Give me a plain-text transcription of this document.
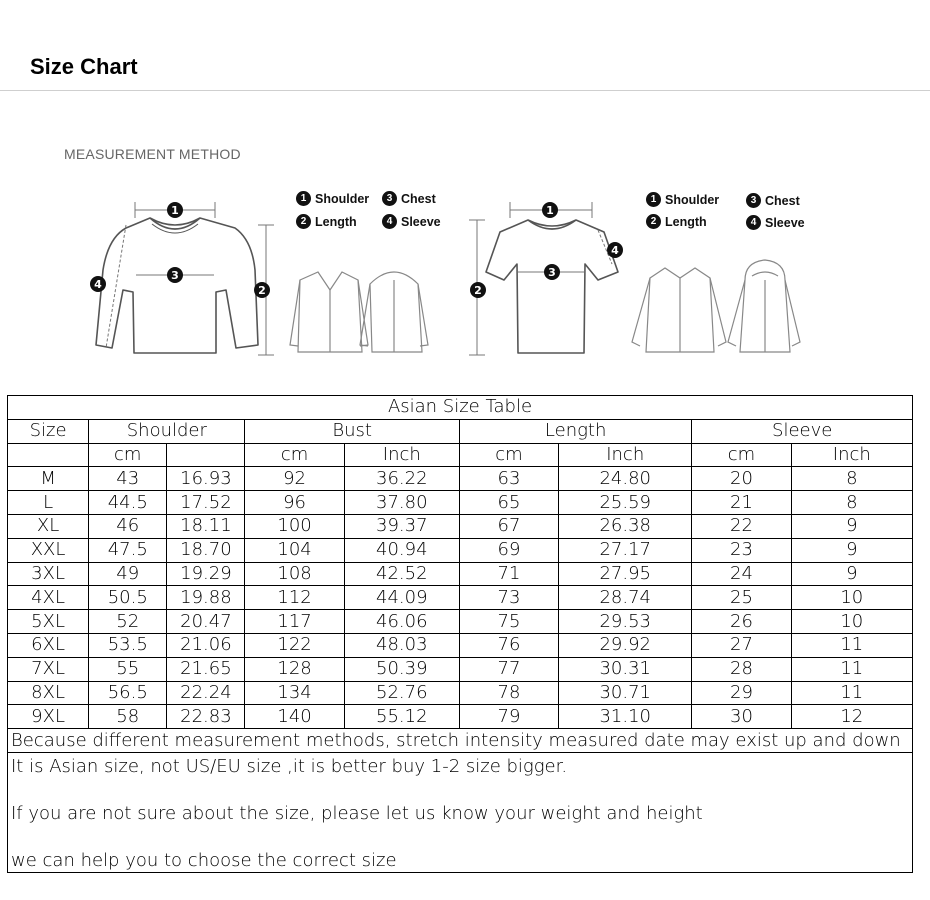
Size Chart
MEASUREMENT METHOD
1
3
2
4
1
3
2
4
1 Shoulder	3 Chest
2 Length	4 Sleeve
1 Shoulder	3 Chest
2 Length	4 Sleeve
Asian Size Table								
Size	Shoulder		Bust		Length		Sleeve	
	cm		cm	Inch	cm	Inch	cm	Inch
M	43	16.93	92	36.22	63	24.80	20	8
L	44.5	17.52	96	37.80	65	25.59	21	8
XL	46	18.11	100	39.37	67	26.38	22	9
XXL	47.5	18.70	104	40.94	69	27.17	23	9
3XL	49	19.29	108	42.52	71	27.95	24	9
4XL	50.5	19.88	112	44.09	73	28.74	25	10
5XL	52	20.47	117	46.06	75	29.53	26	10
6XL	53.5	21.06	122	48.03	76	29.92	27	11
7XL	55	21.65	128	50.39	77	30.31	28	11
8XL	56.5	22.24	134	52.76	78	30.71	29	11
9XL	58	22.83	140	55.12	79	31.10	30	12
Because different measurement methods, stretch intensity measured date may exist up and down								

It is Asian size, not US/EU size ,it is better buy 1-2 size bigger.

If you are not sure about the size, please let us know your weight and height

we can help you to choose the correct size								
